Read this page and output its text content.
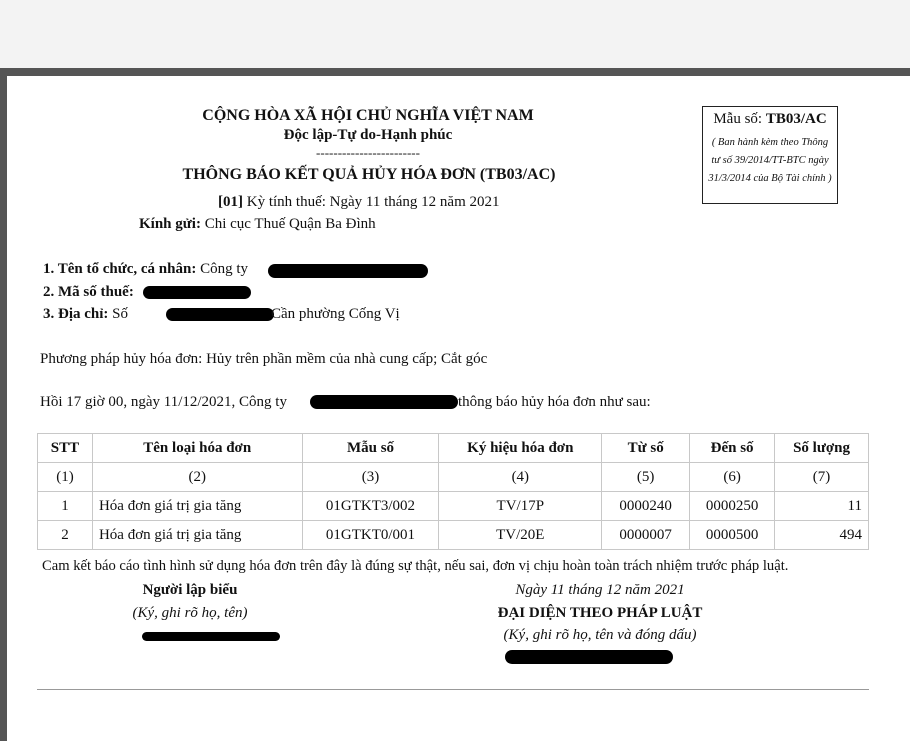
CỘNG HÒA XÃ HỘI CHỦ NGHĨA VIỆT NAM
Độc lập-Tự do-Hạnh phúc
------------------------
THÔNG BÁO KẾT QUẢ HỦY HÓA ĐƠN (TB03/AC)
[01] Kỳ tính thuế: Ngày 11 tháng 12 năm 2021
Kính gửi: Chi cục Thuế Quận Ba Đình
Mẫu số: TB03/AC
( Ban hành kèm theo Thông tư số 39/2014/TT-BTC ngày 31/3/2014 của Bộ Tài chính )
1. Tên tổ chức, cá nhân: Công ty
2. Mã số thuế:
3. Địa chỉ: Số	Cần phường Cống Vị
Phương pháp hủy hóa đơn: Hủy trên phần mềm của nhà cung cấp; Cắt góc
Hồi 17 giờ 00, ngày 11/12/2021, Công ty	thông báo hủy hóa đơn như sau:
STT	Tên loại hóa đơn	Mẫu số	Ký hiệu hóa đơn	Từ số	Đến số	Số lượng
(1)	(2)	(3)	(4)	(5)	(6)	(7)
1	Hóa đơn giá trị gia tăng	01GTKT3/002	TV/17P	0000240	0000250	11
2	Hóa đơn giá trị gia tăng	01GTKT0/001	TV/20E	0000007	0000500	494
Cam kết báo cáo tình hình sử dụng hóa đơn trên đây là đúng sự thật, nếu sai, đơn vị chịu hoàn toàn trách nhiệm trước pháp luật.
Người lập biểu
(Ký, ghi rõ họ, tên)
Ngày 11 tháng 12 năm 2021
ĐẠI DIỆN THEO PHÁP LUẬT
(Ký, ghi rõ họ, tên và đóng dấu)
